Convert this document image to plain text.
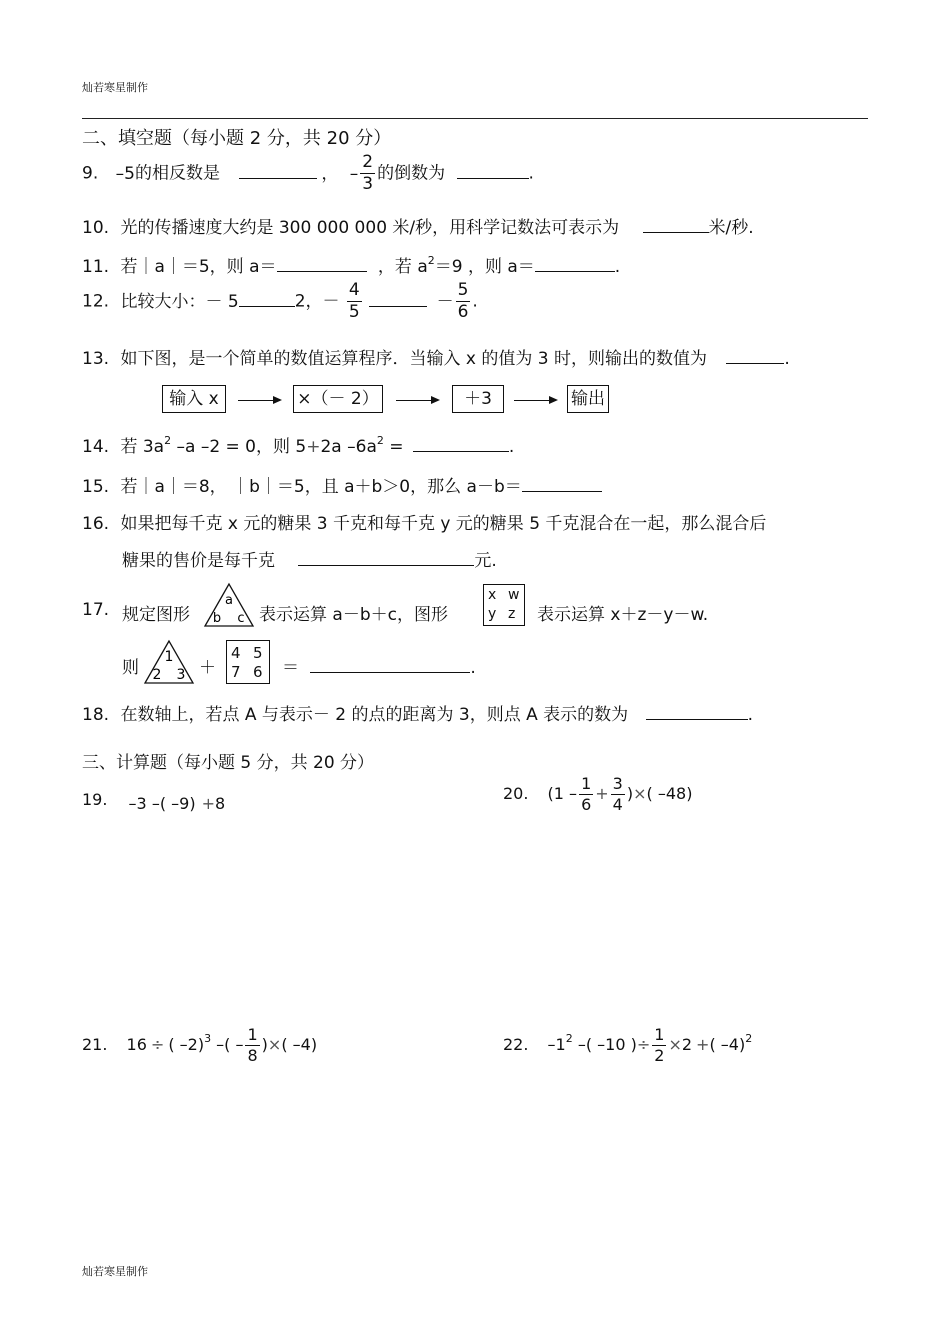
灿若寒星制作
二、填空题（每小题 2 分，共 20 分）
9. –5的相反数是	， – $\frac{2}{3}$ 的倒数为	.
10. 光的传播速度大约是 300 000 000 米/秒，用科学记数法可表示为	米/秒.
11. 若｜a｜＝5，则 a＝	，若 $a^2=9$ ，则 a＝	.
12. 比较大小：－ 5	2，－ $\frac{4}{5}$	－ $\frac{5}{6}$ .
13. 如下图，是一个简单的数值运算程序．当输入 x 的值为 3 时，则输出的数值为	.
输入 x	×（－ 2）	＋3	输出
14. 若 $3a^2$ –a –2 = 0，则 5+2a $-6a^2$ =	.
15. 若｜a｜＝8， ｜b｜＝5，且 a＋b＞0，那么 a－b＝
16. 如果把每千克 x 元的糖果 3 千克和每千克 y 元的糖果 5 千克混合在一起，那么混合后
糖果的售价是每千克	元.
17. 规定图形
a
b c 表示运算 a－b＋c，图形
x w
y z 表示运算 x＋z－y－w.
则
1
2 3 ＋
4 5
7 6 ＝	.
18. 在数轴上，若点 A 与表示－ 2 的点的距离为 3，则点 A 表示的数为	.
三、计算题（每小题 5 分，共 20 分）
19. –3 –( –9) +8
20. ($1 - \frac{1}{6} + \frac{3}{4}$ )×( –48)
21. 16 ÷ ( –2)$^3$ –( – $\frac{1}{8}$ )×( –4)	22. $-1^2$ –( –10 )÷ $\frac{1}{2} \times 2$ +( –4)$^2$
灿若寒星制作
